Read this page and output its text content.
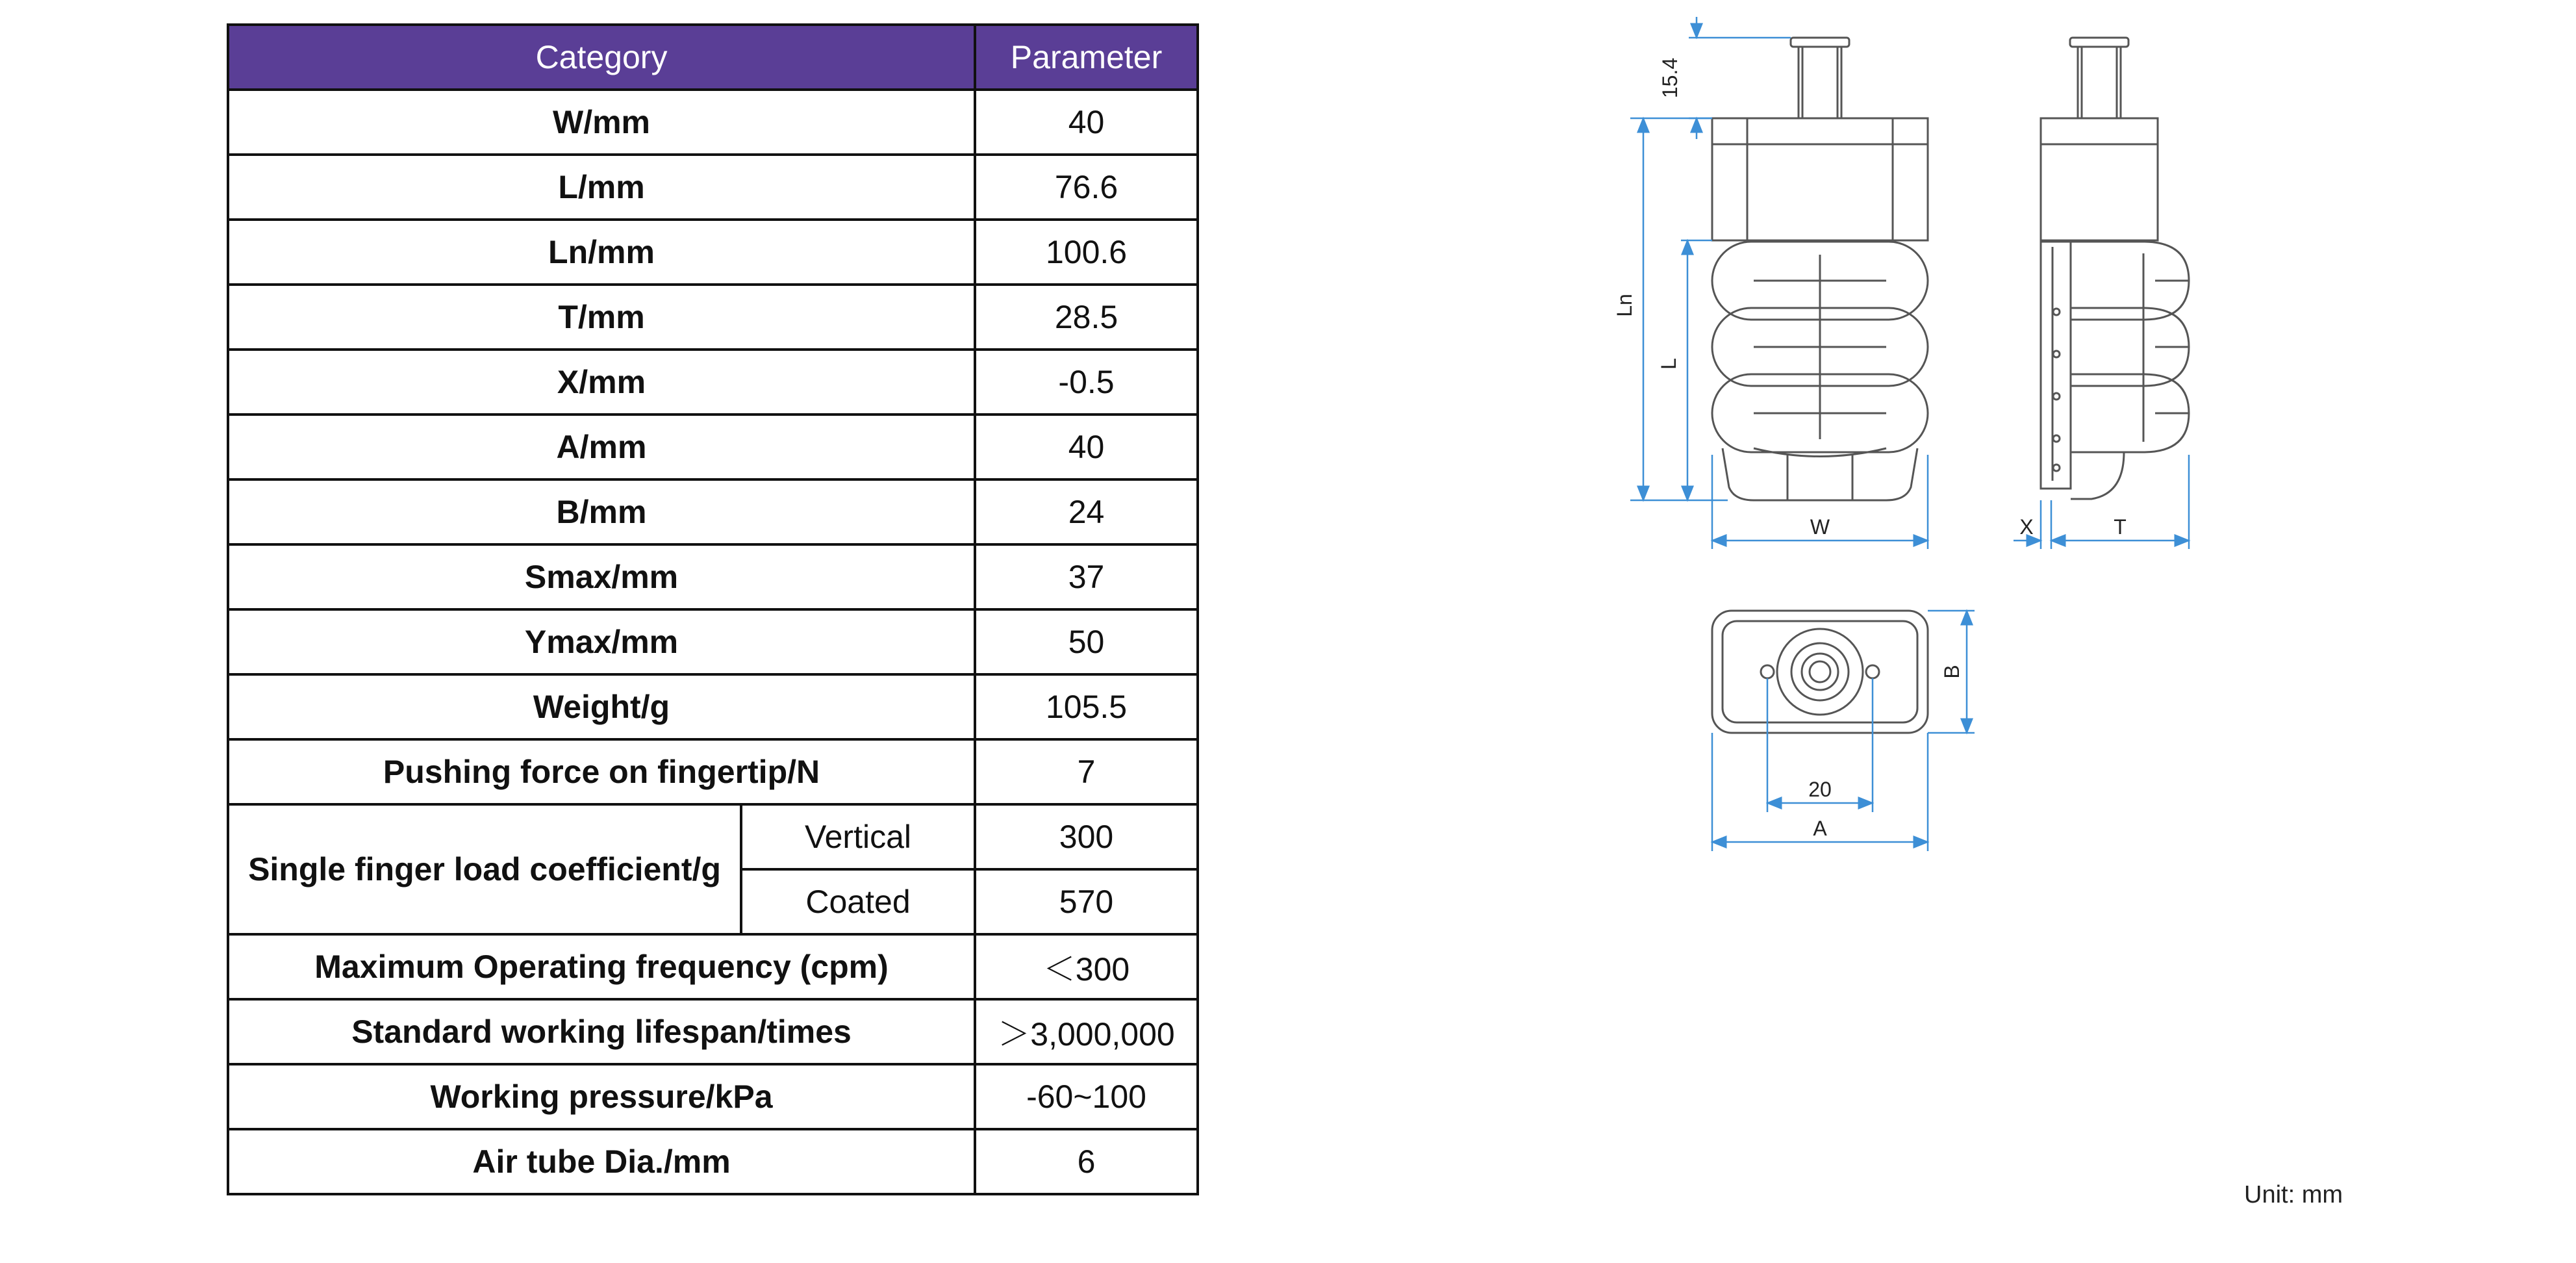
Category		Parameter
W/mm		40
L/mm		76.6
Ln/mm		100.6
T/mm		28.5
X/mm		-0.5
A/mm		40
B/mm		24
Smax/mm		37
Ymax/mm		50
Weight/g		105.5
Pushing force on fingertip/N		7
Single finger load coefficient/g	Vertical	300
	Coated	570
Maximum Operating frequency (cpm)		＜300
Standard working lifespan/times		＞3,000,000
Working pressure/kPa		-60~100
Air tube Dia./mm		6
15.4
Ln
L
W	X	T
B
20
A
Unit: mm
